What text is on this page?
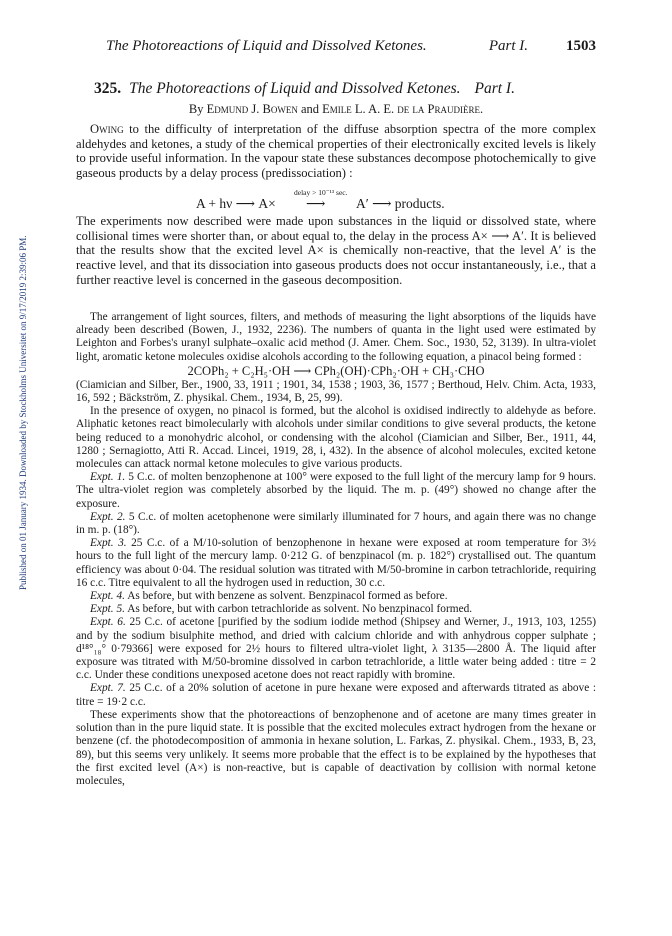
Published on 01 January 1934. Downloaded by Stockholms Universitet on 9/17/2019 2:39:06 PM.
The Photoreactions of Liquid and Dissolved Ketones.	Part I.	1503
325. The Photoreactions of Liquid and Dissolved Ketones. Part I.
By Edmund J. Bowen and Emile L. A. E. de la Praudière.

Owing to the difficulty of interpretation of the diffuse absorption spectra of the more complex aldehydes and ketones, a study of the chemical properties of their electronically excited levels is likely to provide useful information. In the vapour state these substances decompose photochemically to give gaseous products by a delay process (predissociation) :

A + hν ⟶ A×
delay > 10⁻¹³ sec.
⟶ A′ ⟶ products.

The experiments now described were made upon substances in the liquid or dissolved state, where collisional times were shorter than, or about equal to, the delay in the process A× ⟶ A′. It is believed that the results show that the excited level A× is chemically non-reactive, that the level A′ is the reactive level, and that its dissociation into gaseous products does not occur instantaneously, i.e., that a further reactive level is concerned in the gaseous decomposition.

The arrangement of light sources, filters, and methods of measuring the light absorptions of the liquids have already been described (Bowen, J., 1932, 2236). The numbers of quanta in the light used were estimated by Leighton and Forbes's uranyl sulphate–oxalic acid method (J. Amer. Chem. Soc., 1930, 52, 3139). In ultra-violet light, aromatic ketone molecules oxidise alcohols according to the following equation, a pinacol being formed :

2COPh₂ + C₂H₅·OH ⟶ CPh₂(OH)·CPh₂·OH + CH₃·CHO

(Ciamician and Silber, Ber., 1900, 33, 1911 ; 1901, 34, 1538 ; 1903, 36, 1577 ; Berthoud, Helv. Chim. Acta, 1933, 16, 592 ; Bäckström, Z. physikal. Chem., 1934, B, 25, 99).

In the presence of oxygen, no pinacol is formed, but the alcohol is oxidised indirectly to aldehyde as before. Aliphatic ketones react bimolecularly with alcohols under similar conditions to give several products, the ketone being reduced to a monohydric alcohol, or condensing with the alcohol (Ciamician and Silber, Ber., 1911, 44, 1280 ; Sernagiotto, Atti R. Accad. Lincei, 1919, 28, i, 432). In the absence of alcohol molecules, excited ketone molecules can attack normal ketone molecules to give various products.

Expt. 1. 5 C.c. of molten benzophenone at 100° were exposed to the full light of the mercury lamp for 9 hours. The ultra-violet region was completely absorbed by the liquid. The m. p. (49°) showed no change after the exposure.

Expt. 2. 5 C.c. of molten acetophenone were similarly illuminated for 7 hours, and again there was no change in m. p. (18°).

Expt. 3. 25 C.c. of a M/10-solution of benzophenone in hexane were exposed at room temperature for 3½ hours to the full light of the mercury lamp. 0·212 G. of benzpinacol (m. p. 182°) crystallised out. The quantum efficiency was about 0·04. The residual solution was titrated with M/50-bromine in carbon tetrachloride, requiring 16 c.c. Titre equivalent to all the hydrogen used in reduction, 30 c.c.

Expt. 4. As before, but with benzene as solvent. Benzpinacol formed as before.

Expt. 5. As before, but with carbon tetrachloride as solvent. No benzpinacol formed.

Expt. 6. 25 C.c. of acetone [purified by the sodium iodide method (Shipsey and Werner, J., 1913, 103, 1255) and by the sodium bisulphite method, and dried with calcium chloride and with anhydrous copper sulphate ; d¹⁸°₁₈° 0·79366] were exposed for 2½ hours to filtered ultra-violet light, λ 3135—2800 Å. The liquid after exposure was titrated with M/50-bromine dissolved in carbon tetrachloride, a little water being added : titre = 2 c.c. Under these conditions unexposed acetone does not react rapidly with bromine.

Expt. 7. 25 C.c. of a 20% solution of acetone in pure hexane were exposed and afterwards titrated as above : titre = 19·2 c.c.

These experiments show that the photoreactions of benzophenone and of acetone are many times greater in solution than in the pure liquid state. It is possible that the excited molecules extract hydrogen from the hexane or benzene (cf. the photodecomposition of ammonia in hexane solution, L. Farkas, Z. physikal. Chem., 1933, B, 23, 89), but this seems very unlikely. It seems more probable that the effect is to be explained by the hypotheses that the first excited level (A×) is non-reactive, but is capable of deactivation by collision with normal ketone molecules,
